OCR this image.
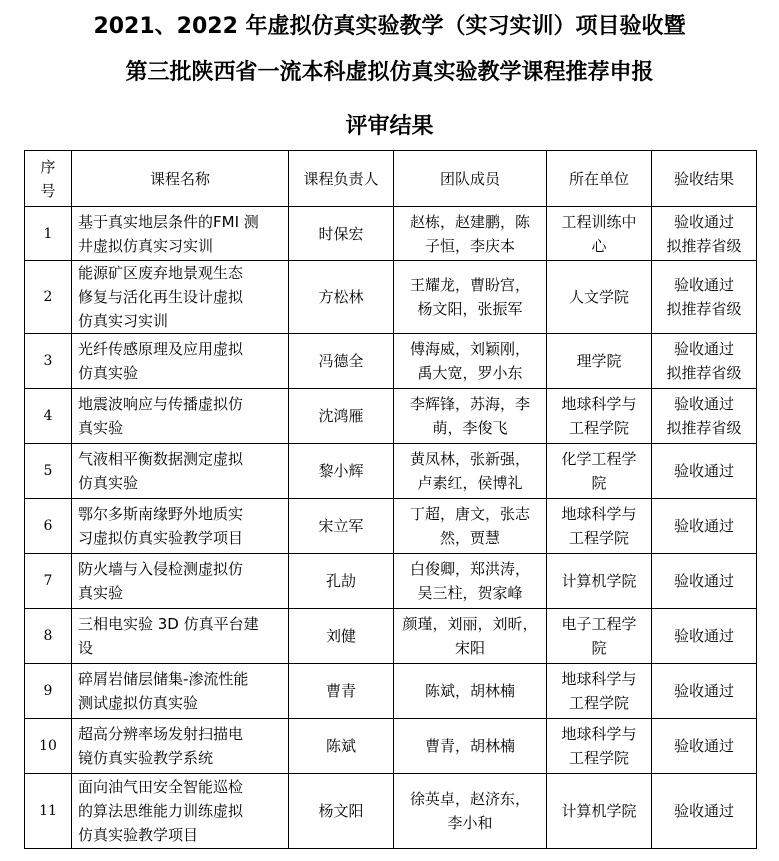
2021、2022 年虚拟仿真实验教学（实习实训）项目验收暨
第三批陕西省一流本科虚拟仿真实验教学课程推荐申报
评审结果
序
号	课程名称	课程负责人	团队成员	所在单位	验收结果

1	基于真实地层条件的FMI 测
井虚拟仿真实习实训	时保宏	赵栋，赵建鹏，陈
子恒，李庆本	工程训练中
心	验收通过
拟推荐省级

2	能源矿区废弃地景观生态
修复与活化再生设计虚拟
仿真实习实训	方松林	王耀龙，曹盼宫，
杨文阳，张振军	人文学院	验收通过
拟推荐省级

3	光纤传感原理及应用虚拟
仿真实验	冯德全	傅海威，刘颖刚，
禹大宽，罗小东	理学院	验收通过
拟推荐省级

4	地震波响应与传播虚拟仿
真实验	沈鸿雁	李辉锋，苏海，李
萌，李俊飞	地球科学与
工程学院	验收通过
拟推荐省级

5	气液相平衡数据测定虚拟
仿真实验	黎小辉	黄凤林，张新强，
卢素红，侯博礼	化学工程学
院	验收通过

6	鄂尔多斯南缘野外地质实
习虚拟仿真实验教学项目	宋立军	丁超，唐文，张志
然，贾慧	地球科学与
工程学院	验收通过

7	防火墙与入侵检测虚拟仿
真实验	孔劼	白俊卿，郑洪涛，
吴三柱，贺家峰	计算机学院	验收通过

8	三相电实验 3D 仿真平台建
设	刘健	颜瑾，刘丽，刘昕，
宋阳	电子工程学
院	验收通过

9	碎屑岩储层储集-渗流性能
测试虚拟仿真实验	曹青	陈斌，胡林楠	地球科学与
工程学院	验收通过

10	超高分辨率场发射扫描电
镜仿真实验教学系统	陈斌	曹青，胡林楠	地球科学与
工程学院	验收通过

11	面向油气田安全智能巡检
的算法思维能力训练虚拟
仿真实验教学项目	杨文阳	徐英卓，赵济东，
李小和	计算机学院	验收通过
